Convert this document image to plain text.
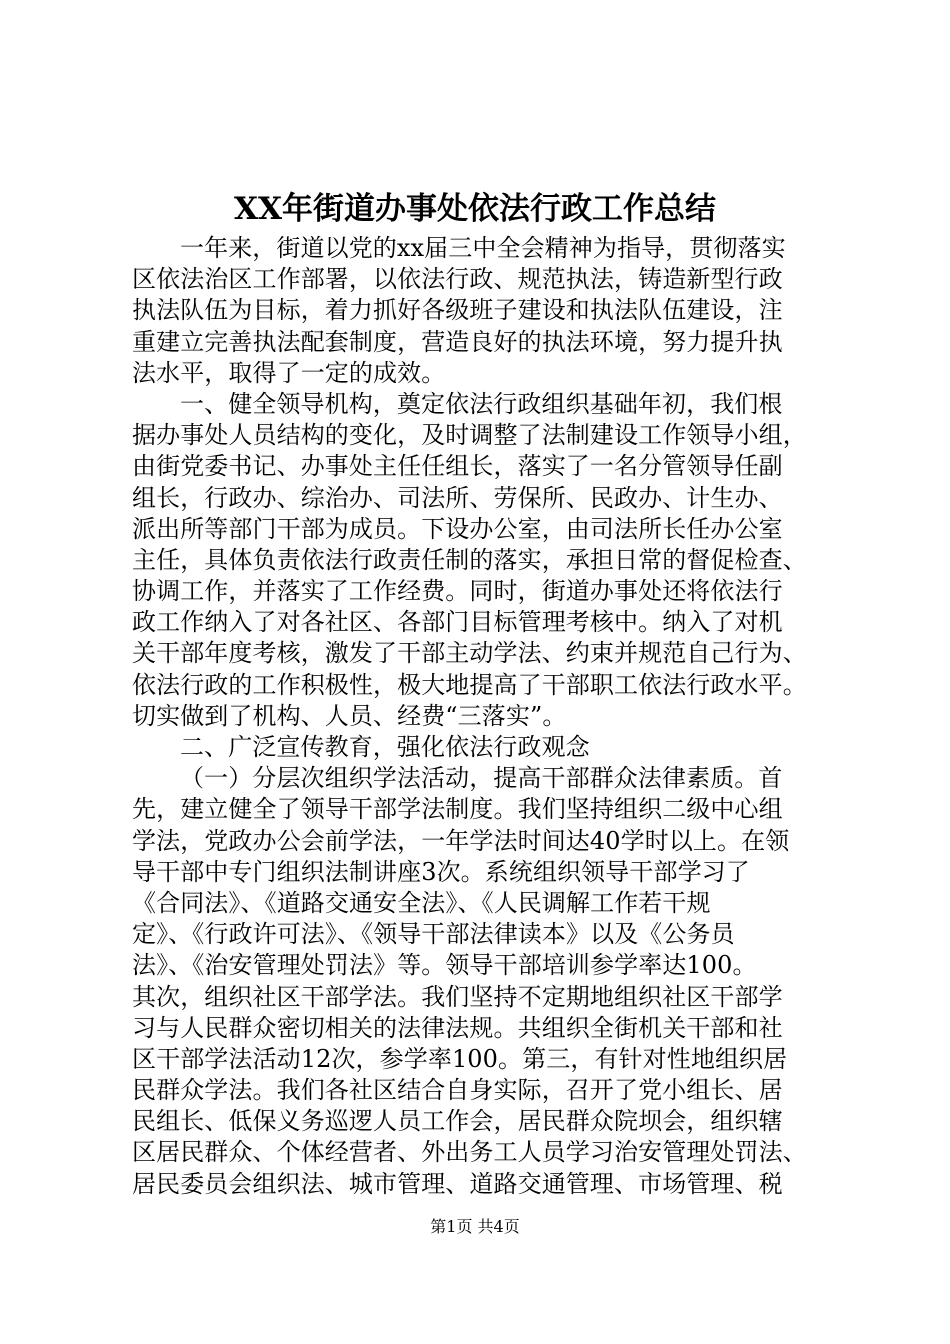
XX年街道办事处依法行政工作总结
一年来，街道以党的xx届三中全会精神为指导，贯彻落实
区依法治区工作部署，以依法行政、规范执法，铸造新型行政
执法队伍为目标，着力抓好各级班子建设和执法队伍建设，注
重建立完善执法配套制度，营造良好的执法环境，努力提升执
法水平，取得了一定的成效。
一、健全领导机构，奠定依法行政组织基础年初，我们根
据办事处人员结构的变化，及时调整了法制建设工作领导小组，
由街党委书记、办事处主任任组长，落实了一名分管领导任副
组长，行政办、综治办、司法所、劳保所、民政办、计生办、
派出所等部门干部为成员。下设办公室，由司法所长任办公室
主任，具体负责依法行政责任制的落实，承担日常的督促检查、
协调工作，并落实了工作经费。同时，街道办事处还将依法行
政工作纳入了对各社区、各部门目标管理考核中。纳入了对机
关干部年度考核，激发了干部主动学法、约束并规范自己行为、
依法行政的工作积极性，极大地提高了干部职工依法行政水平。
切实做到了机构、人员、经费“三落实”。
二、广泛宣传教育，强化依法行政观念
（一）分层次组织学法活动，提高干部群众法律素质。首
先，建立健全了领导干部学法制度。我们坚持组织二级中心组
学法，党政办公会前学法，一年学法时间达40学时以上。在领
导干部中专门组织法制讲座3次。系统组织领导干部学习了
《合同法》、《道路交通安全法》、《人民调解工作若干规
定》、《行政许可法》、《领导干部法律读本》以及《公务员
法》、《治安管理处罚法》等。领导干部培训参学率达100。
其次，组织社区干部学法。我们坚持不定期地组织社区干部学
习与人民群众密切相关的法律法规。共组织全街机关干部和社
区干部学法活动12次，参学率100。第三，有针对性地组织居
民群众学法。我们各社区结合自身实际，召开了党小组长、居
民组长、低保义务巡逻人员工作会，居民群众院坝会，组织辖
区居民群众、个体经营者、外出务工人员学习治安管理处罚法、
居民委员会组织法、城市管理、道路交通管理、市场管理、税
第1页 共4页
